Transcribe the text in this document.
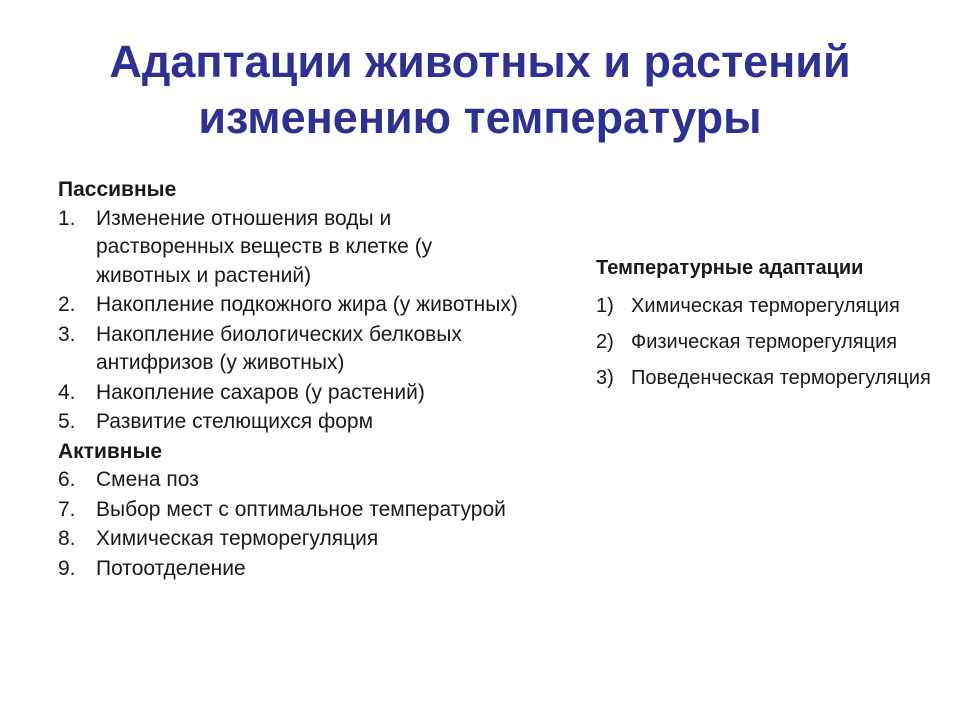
Адаптации животных и растений
изменению температуры

Пассивные

1. Изменение отношения воды и растворенных веществ в клетке (у животных и растений)
2. Накопление подкожного жира (у животных)
3. Накопление биологических белковых антифризов (у животных)
4. Накопление сахаров (у растений)
5. Развитие стелющихся форм

Активные

6. Смена поз
7. Выбор мест с оптимальное температурой
8. Химическая терморегуляция
9. Потоотделение

Температурные адаптации

1) Химическая терморегуляция
2) Физическая терморегуляция
3) Поведенческая терморегуляция
